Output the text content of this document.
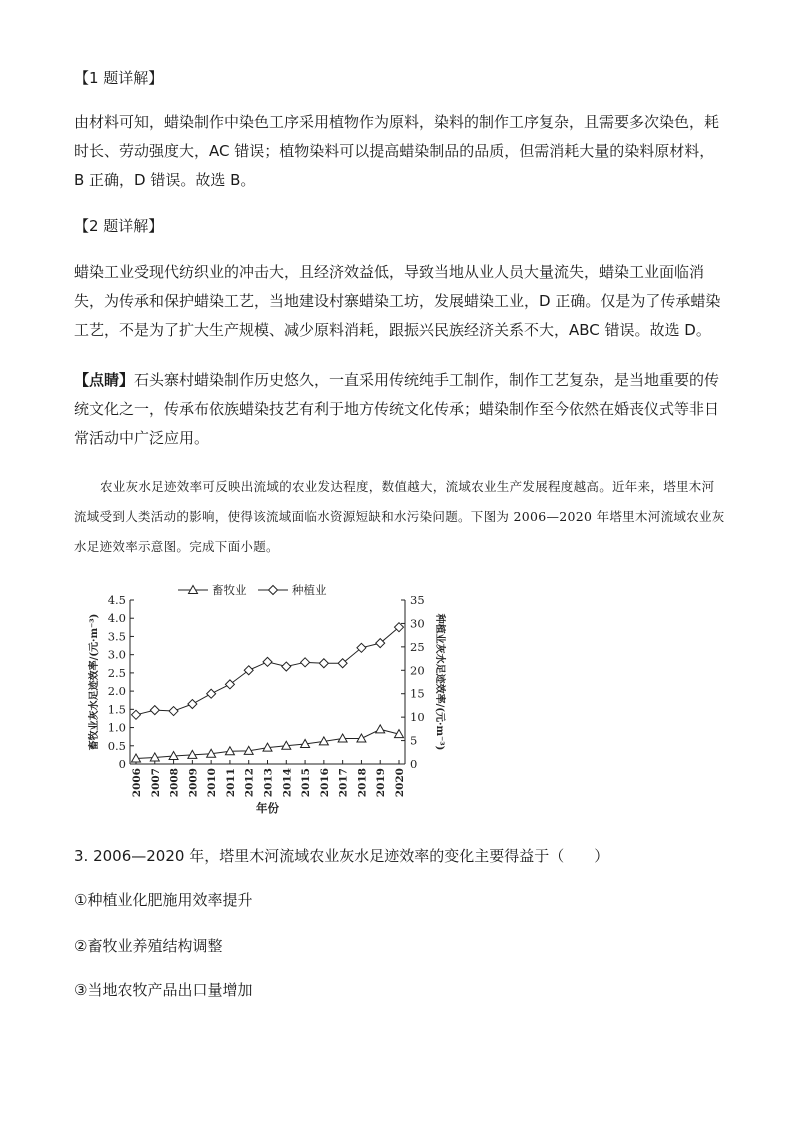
【1 题详解】

由材料可知，蜡染制作中染色工序采用植物作为原料，染料的制作工序复杂，且需要多次染色，耗时长、劳动强度大，AC 错误；植物染料可以提高蜡染制品的品质，但需消耗大量的染料原材料，B 正确，D 错误。故选 B。

【2 题详解】

蜡染工业受现代纺织业的冲击大，且经济效益低，导致当地从业人员大量流失，蜡染工业面临消失，为传承和保护蜡染工艺，当地建设村寨蜡染工坊，发展蜡染工业，D 正确。仅是为了传承蜡染工艺，不是为了扩大生产规模、减少原料消耗，跟振兴民族经济关系不大，ABC 错误。故选 D。

【点睛】石头寨村蜡染制作历史悠久，一直采用传统纯手工制作，制作工艺复杂，是当地重要的传统文化之一，传承布依族蜡染技艺有利于地方传统文化传承；蜡染制作至今依然在婚丧仪式等非日常活动中广泛应用。

农业灰水足迹效率可反映出流域的农业发达程度，数值越大，流域农业生产发展程度越高。近年来，塔里木河流域受到人类活动的影响，使得该流域面临水资源短缺和水污染问题。下图为 2006—2020 年塔里木河流域农业灰水足迹效率示意图。完成下面小题。

0
0.5
1.0
1.5
2.0
2.5
3.0
3.5
4.0
4.5
0
5
10
15
20
25
30
35
2006 2007 2008 2009 2010 2011 2012 2013 2014 2015 2016 2017 2018 2019 2020
年份
畜牧业灰水足迹效率/(元·m⁻³)	种植业灰水足迹效率/(元·m⁻³)
畜牧业	种植业

3. 2006—2020 年，塔里木河流域农业灰水足迹效率的变化主要得益于（　　）

①种植业化肥施用效率提升

②畜牧业养殖结构调整

③当地农牧产品出口量增加
